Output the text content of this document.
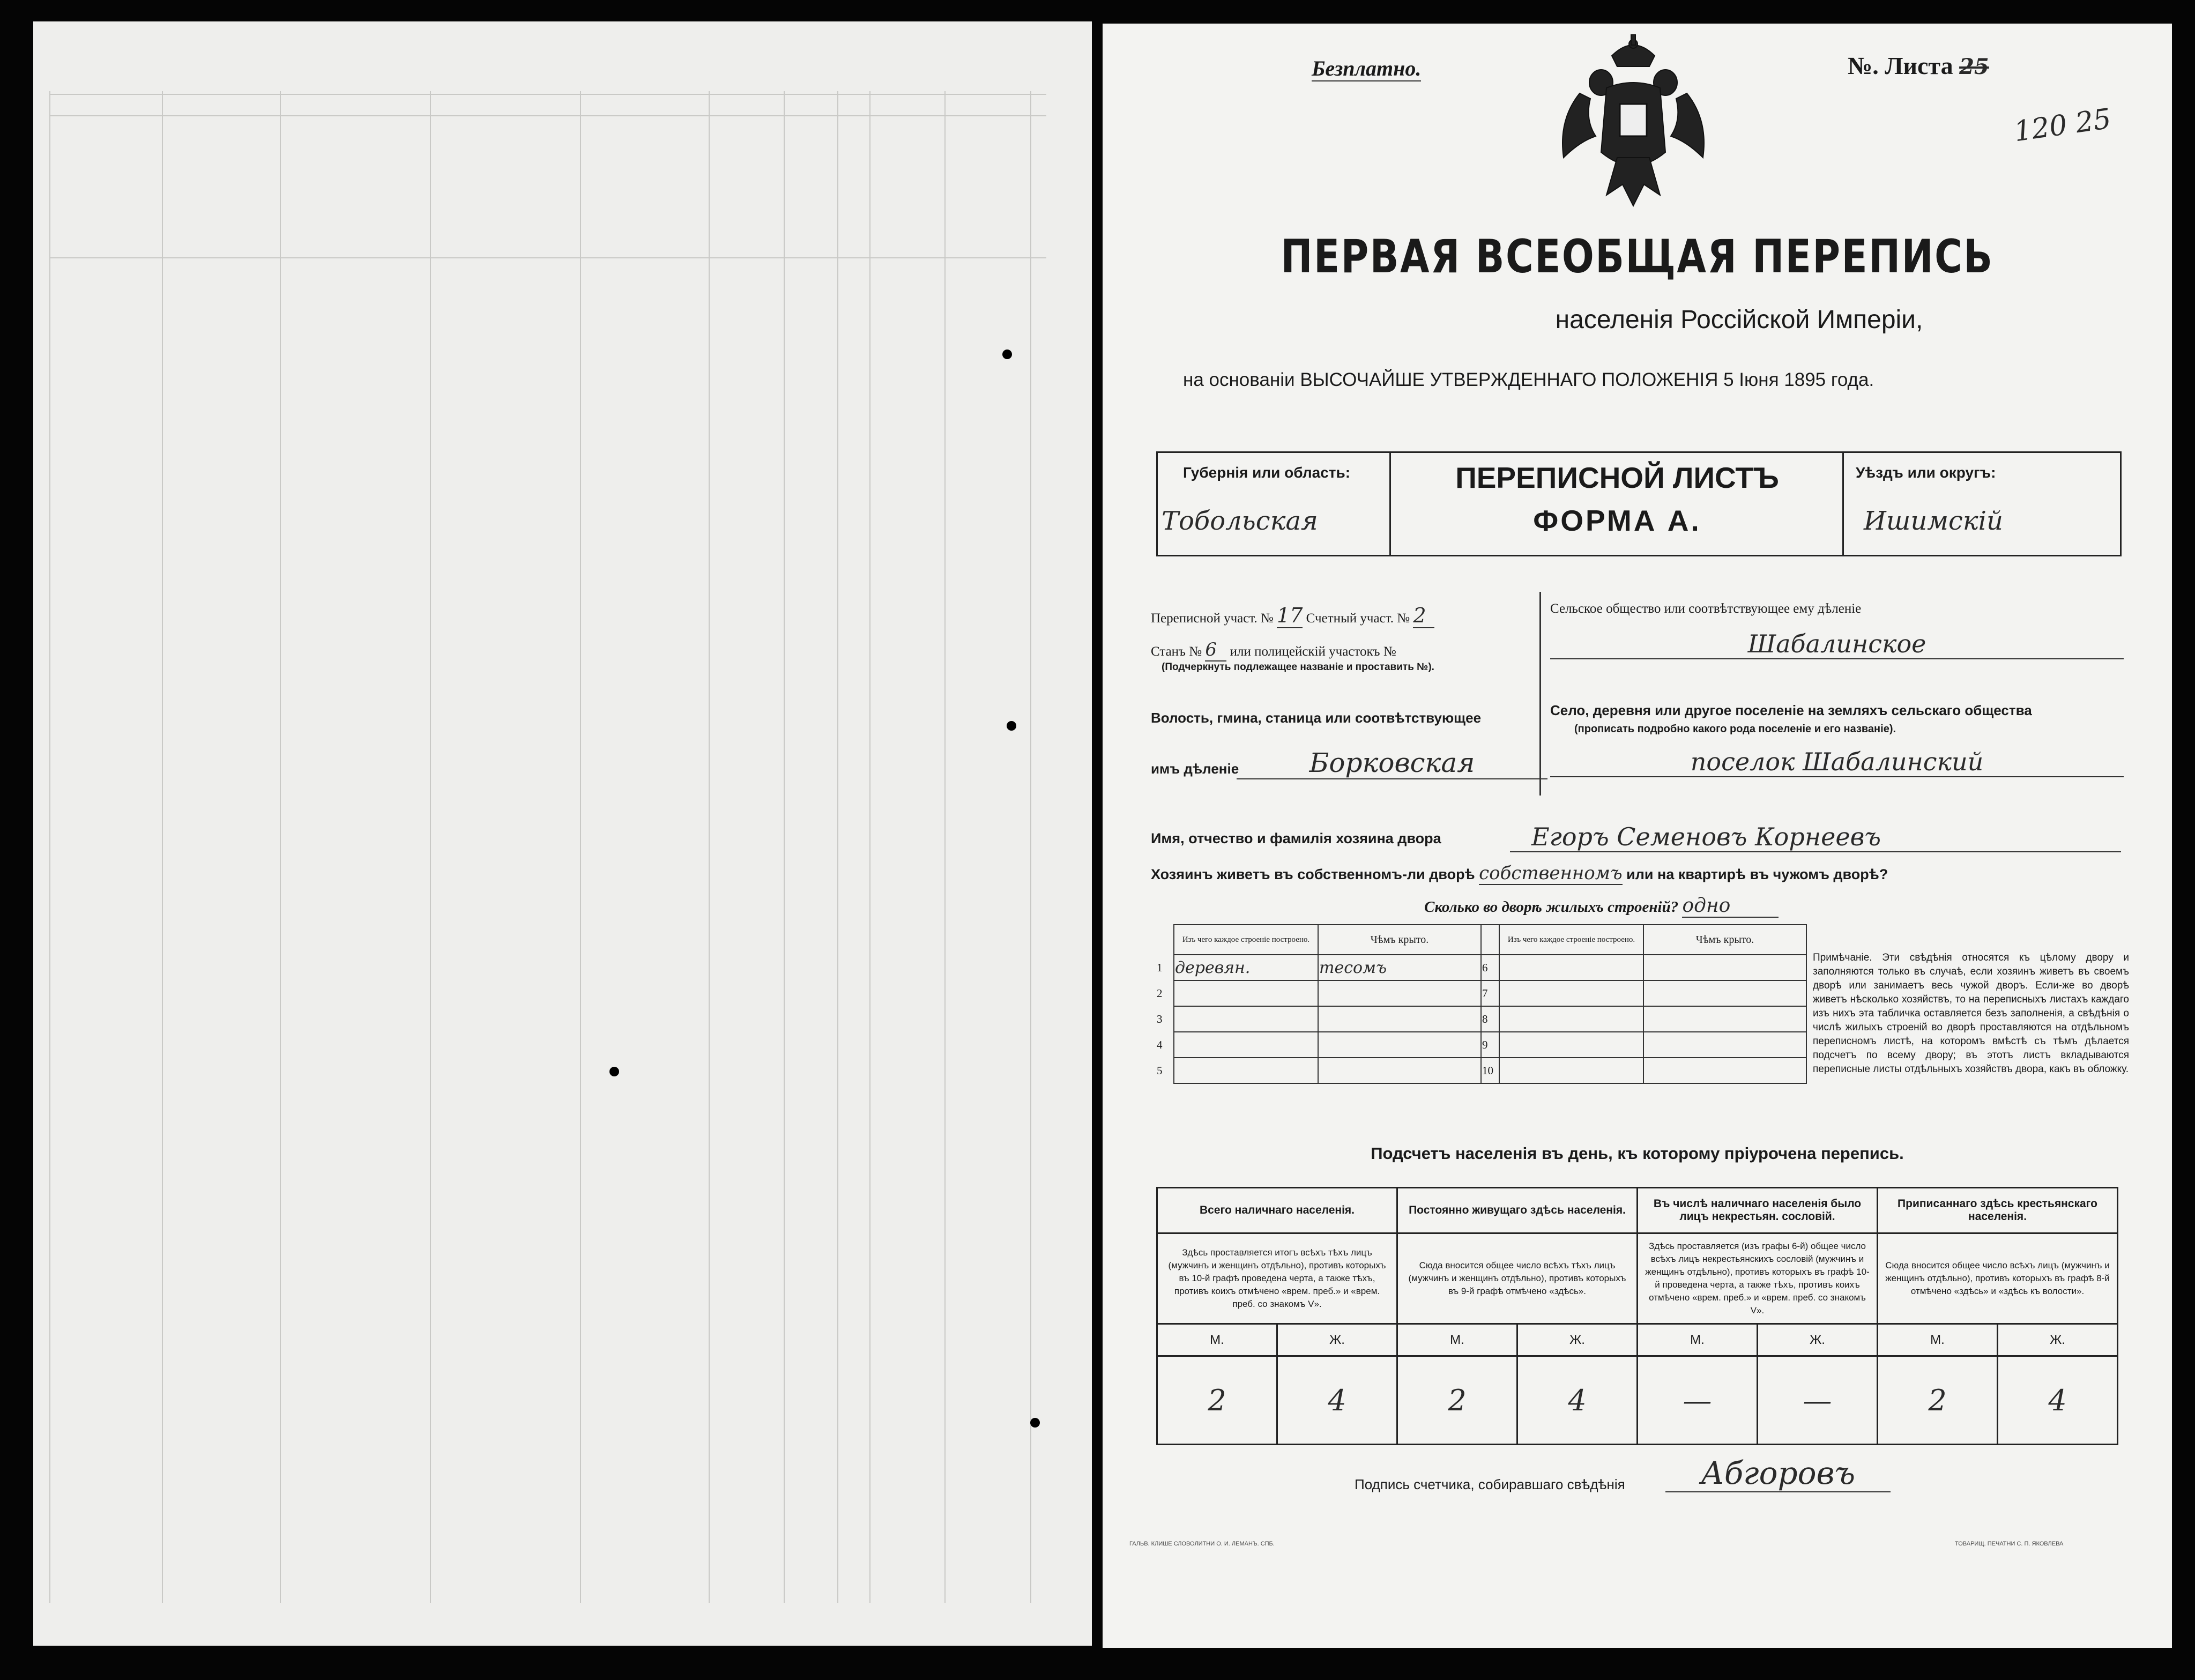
Безплатно.	№. Листа 25
120 25
ПЕРВАЯ ВСЕОБЩАЯ ПЕРЕПИСЬ
населенія Россійской Имперіи,
на основаніи ВЫСОЧАЙШЕ УТВЕРЖДЕННАГО ПОЛОЖЕНІЯ 5 Іюня 1895 года.
Губернія или область:
Тобольская
ПЕРЕПИСНОЙ ЛИСТЪ
ФОРМА А.
Уѣздъ или округъ:
Ишимскій
Переписной участ. № 17 Счетный участ. № 2
Станъ № 6 или полицейскій участокъ №
(Подчеркнуть подлежащее названіе и проставить №).
Волость, гмина, станица или соотвѣтствующее
имъ дѣленіе	Борковская
Сельское общество или соотвѣтствующее ему дѣленіе
Шабалинское
Село, деревня или другое поселеніе на земляхъ сельскаго общества
(прописать подробно какого рода поселеніе и его названіе).
поселок Шабалинский
Имя, отчество и фамилія хозяина двора	Егоръ Семеновъ Корнеевъ
Хозяинъ живетъ въ собственномъ-ли дворѣ собственномъ или на квартирѣ въ чужомъ дворѣ?
Сколько во дворѣ жилыхъ строеній? одно
	Изъ чего каждое строеніе построено.	Чѣмъ крыто.		Изъ чего каждое строеніе построено.	Чѣмъ крыто.
1	деревян.	тесомъ	6		
2			7		
3			8		
4			9		
5			10		
Примѣчаніе. Эти свѣдѣнія относятся къ цѣлому двору и заполняются только въ случаѣ, если хозяинъ живетъ въ своемъ дворѣ или занимаетъ весь чужой дворъ. Если-же во дворѣ живетъ нѣсколько хозяйствъ, то на переписныхъ листахъ каждаго изъ нихъ эта табличка оставляется безъ заполненія, а свѣдѣнія о числѣ жилыхъ строеній во дворѣ проставляются на отдѣльномъ переписномъ листѣ, на которомъ вмѣстѣ съ тѣмъ дѣлается подсчетъ по всему двору; въ этотъ листъ вкладываются переписные листы отдѣльныхъ хозяйствъ двора, какъ въ обложку.
Подсчетъ населенія въ день, къ которому пріурочена перепись.
Всего наличнаго населенія.		Постоянно живущаго здѣсь населенія.		Въ числѣ наличнаго населенія было лицъ некрестьян. сословій.		Приписаннаго здѣсь крестьянскаго населенія.	
Здѣсь проставляется итогъ всѣхъ тѣхъ лицъ (мужчинъ и женщинъ отдѣльно), противъ которыхъ въ 10-й графѣ проведена черта, а также тѣхъ, противъ коихъ отмѣчено «врем. преб.» и «врем. преб. со знакомъ V».		Сюда вносится общее число всѣхъ тѣхъ лицъ (мужчинъ и женщинъ отдѣльно), противъ которыхъ въ 9-й графѣ отмѣчено «здѣсь».		Здѣсь проставляется (изъ графы 6-й) общее число всѣхъ лицъ некрестьянскихъ сословій (мужчинъ и женщинъ отдѣльно), противъ которыхъ въ графѣ 10-й проведена черта, а также тѣхъ, противъ коихъ отмѣчено «врем. преб.» и «врем. преб. со знакомъ V».		Сюда вносится общее число всѣхъ лицъ (мужчинъ и женщинъ отдѣльно), противъ которыхъ въ графѣ 8-й отмѣчено «здѣсь» и «здѣсь къ волости».	
М.	Ж.	М.	Ж.	М.	Ж.	М.	Ж.
2	4	2	4	—	—	2	4
Подпись счетчика, собиравшаго свѣдѣнія	Абгоровъ
ГАЛЬВ. КЛИШЕ СЛОВОЛИТНИ О. И. ЛЕМАНЪ. СПБ.	ТОВАРИЩ. ПЕЧАТНИ С. П. ЯКОВЛЕВА
